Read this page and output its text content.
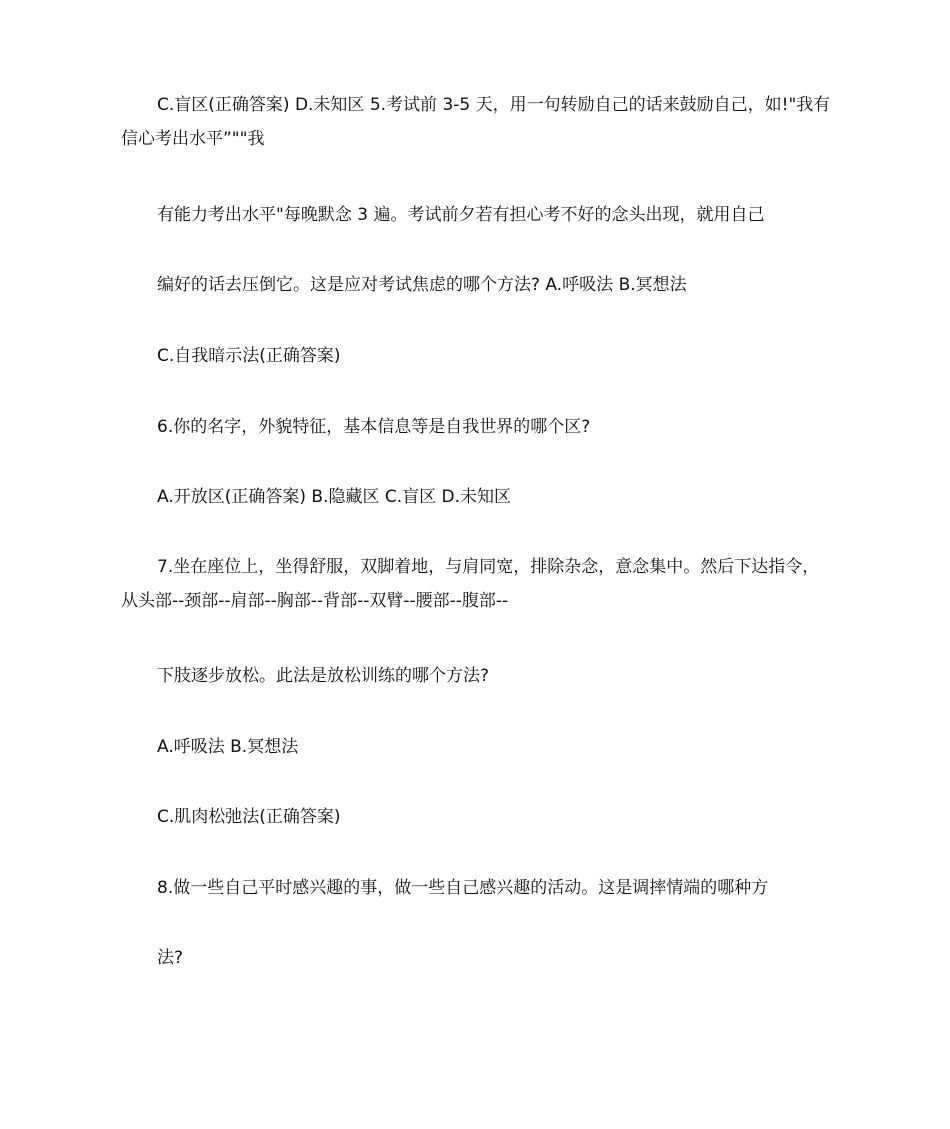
C.盲区(正确答案) D.未知区 5.考试前 3-5 天，用一句转励自己的话来鼓励自己，如!"我有信心考出水平”""我

有能力考出水平"每晚默念 3 遍。考试前夕若有担心考不好的念头出现，就用自己

编好的话去压倒它。这是应对考试焦虑的哪个方法? A.呼吸法 B.冥想法

C.自我暗示法(正确答案)

6.你的名字，外貌特征，基本信息等是自我世界的哪个区?

A.开放区(正确答案) B.隐藏区 C.盲区 D.未知区

7.坐在座位上，坐得舒服，双脚着地，与肩同宽，排除杂念，意念集中。然后下达指令，从头部--颈部--肩部--胸部--背部--双臂--腰部--腹部--

下肢逐步放松。此法是放松训练的哪个方法?

A.呼吸法 B.冥想法

C.肌肉松弛法(正确答案)

8.做一些自己平时感兴趣的事，做一些自己感兴趣的活动。这是调摔情端的哪种方

法?
